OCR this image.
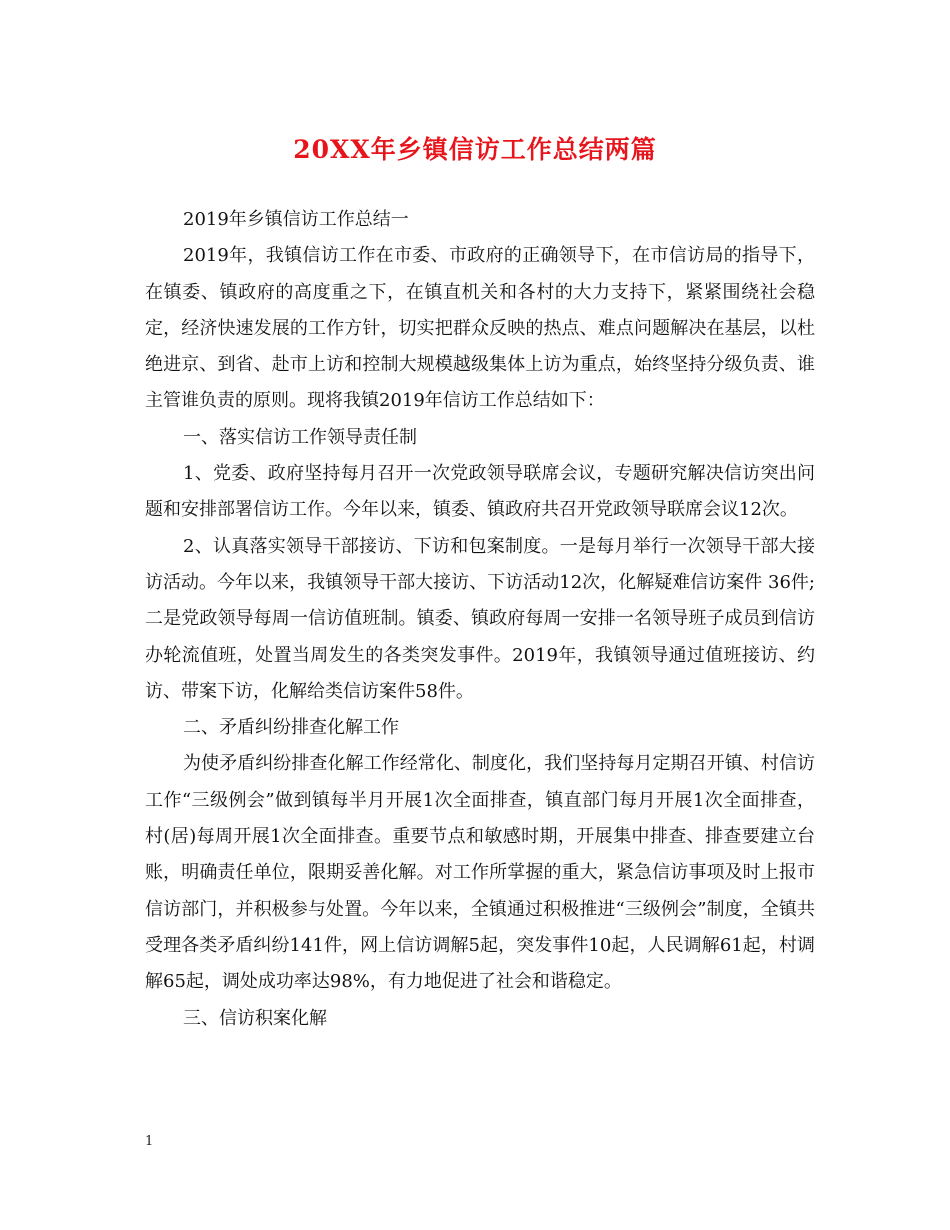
20XX年乡镇信访工作总结两篇

2019年乡镇信访工作总结一

2019年，我镇信访工作在市委、市政府的正确领导下，在市信访局的指导下，在镇委、镇政府的高度重之下，在镇直机关和各村的大力支持下，紧紧围绕社会稳定，经济快速发展的工作方针，切实把群众反映的热点、难点问题解决在基层，以杜绝进京、到省、赴市上访和控制大规模越级集体上访为重点，始终坚持分级负责、谁主管谁负责的原则。现将我镇2019年信访工作总结如下：

一、落实信访工作领导责任制

1、党委、政府坚持每月召开一次党政领导联席会议，专题研究解决信访突出问题和安排部署信访工作。今年以来，镇委、镇政府共召开党政领导联席会议12次。

2、认真落实领导干部接访、下访和包案制度。一是每月举行一次领导干部大接访活动。今年以来，我镇领导干部大接访、下访活动12次，化解疑难信访案件 36件;二是党政领导每周一信访值班制。镇委、镇政府每周一安排一名领导班子成员到信访办轮流值班，处置当周发生的各类突发事件。2019年，我镇领导通过值班接访、约访、带案下访，化解给类信访案件58件。

二、矛盾纠纷排查化解工作

为使矛盾纠纷排查化解工作经常化、制度化，我们坚持每月定期召开镇、村信访工作“三级例会”做到镇每半月开展1次全面排查，镇直部门每月开展1次全面排查，村(居)每周开展1次全面排查。重要节点和敏感时期，开展集中排查、排查要建立台账，明确责任单位，限期妥善化解。对工作所掌握的重大，紧急信访事项及时上报市信访部门，并积极参与处置。今年以来，全镇通过积极推进“三级例会”制度，全镇共受理各类矛盾纠纷141件，网上信访调解5起，突发事件10起，人民调解61起，村调解65起，调处成功率达98%，有力地促进了社会和谐稳定。

三、信访积案化解

1
